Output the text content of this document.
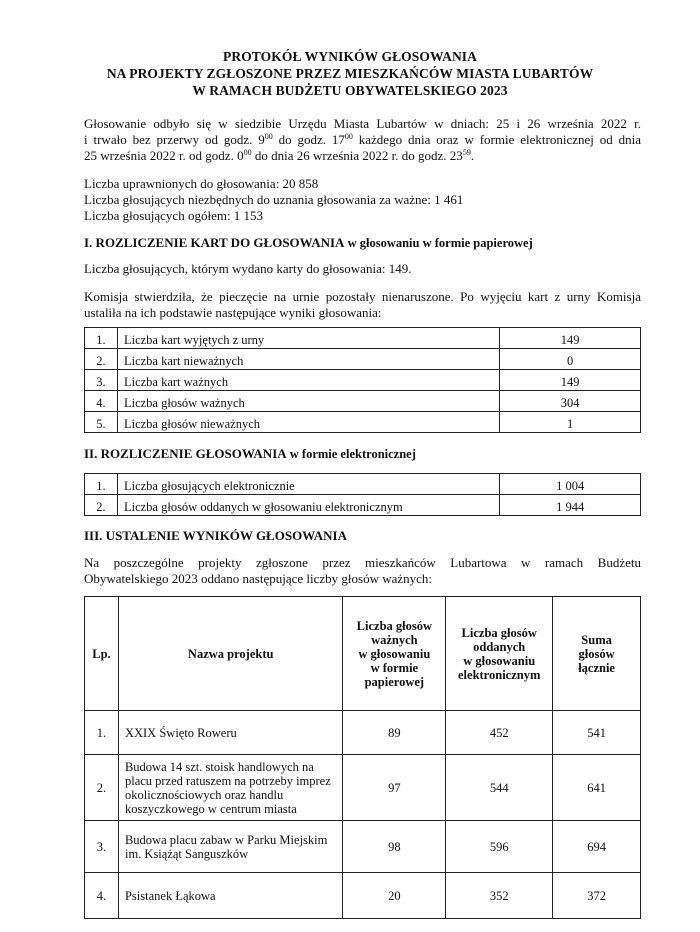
PROTOKÓŁ WYNIKÓW GŁOSOWANIA
NA PROJEKTY ZGŁOSZONE PRZEZ MIESZKAŃCÓW MIASTA LUBARTÓW
W RAMACH BUDŻETU OBYWATELSKIEGO 2023
Głosowanie odbyło się w siedzibie Urzędu Miasta Lubartów w dniach: 25 i 26 września 2022 r.
i trwało bez przerwy od godz. $9^{00}$ do godz. $17^{00}$ każdego dnia oraz w formie elektronicznej od dnia
25 września 2022 r. od godz. $0^{00}$ do dnia 26 września 2022 r. do godz. $23^{59}$.
Liczba uprawnionych do głosowania: 20 858
Liczba głosujących niezbędnych do uznania głosowania za ważne: 1 461
Liczba głosujących ogółem: 1 153
I. ROZLICZENIE KART DO GŁOSOWANIA w głosowaniu w formie papierowej
Liczba głosujących, którym wydano karty do głosowania: 149.
Komisja stwierdziła, że pieczęcie na urnie pozostały nienaruszone. Po wyjęciu kart z urny Komisja
ustaliła na ich podstawie następujące wyniki głosowania:
1.	Liczba kart wyjętych z urny	149
2.	Liczba kart nieważnych	0
3.	Liczba kart ważnych	149
4.	Liczba głosów ważnych	304
5.	Liczba głosów nieważnych	1
II. ROZLICZENIE GŁOSOWANIA w formie elektronicznej
1.	Liczba głosujących elektronicznie	1 004
2.	Liczba głosów oddanych w głosowaniu elektronicznym	1 944
III. USTALENIE WYNIKÓW GŁOSOWANIA
Na poszczególne projekty zgłoszone przez mieszkańców Lubartowa w ramach Budżetu
Obywatelskiego 2023 oddano następujące liczby głosów ważnych:
Lp.	Nazwa projektu	Liczba głosów
ważnych
w głosowaniu
w formie
papierowej	Liczba głosów
oddanych
w głosowaniu
elektronicznym	Suma
głosów
łącznie
1.	XXIX Święto Roweru	89	452	541
2.	Budowa 14 szt. stoisk handlowych na
placu przed ratuszem na potrzeby imprez
okolicznościowych oraz handlu
koszyczkowego w centrum miasta	97	544	641
3.	Budowa placu zabaw w Parku Miejskim
im. Książąt Sanguszków	98	596	694
4.	Psistanek Łąkowa	20	352	372
